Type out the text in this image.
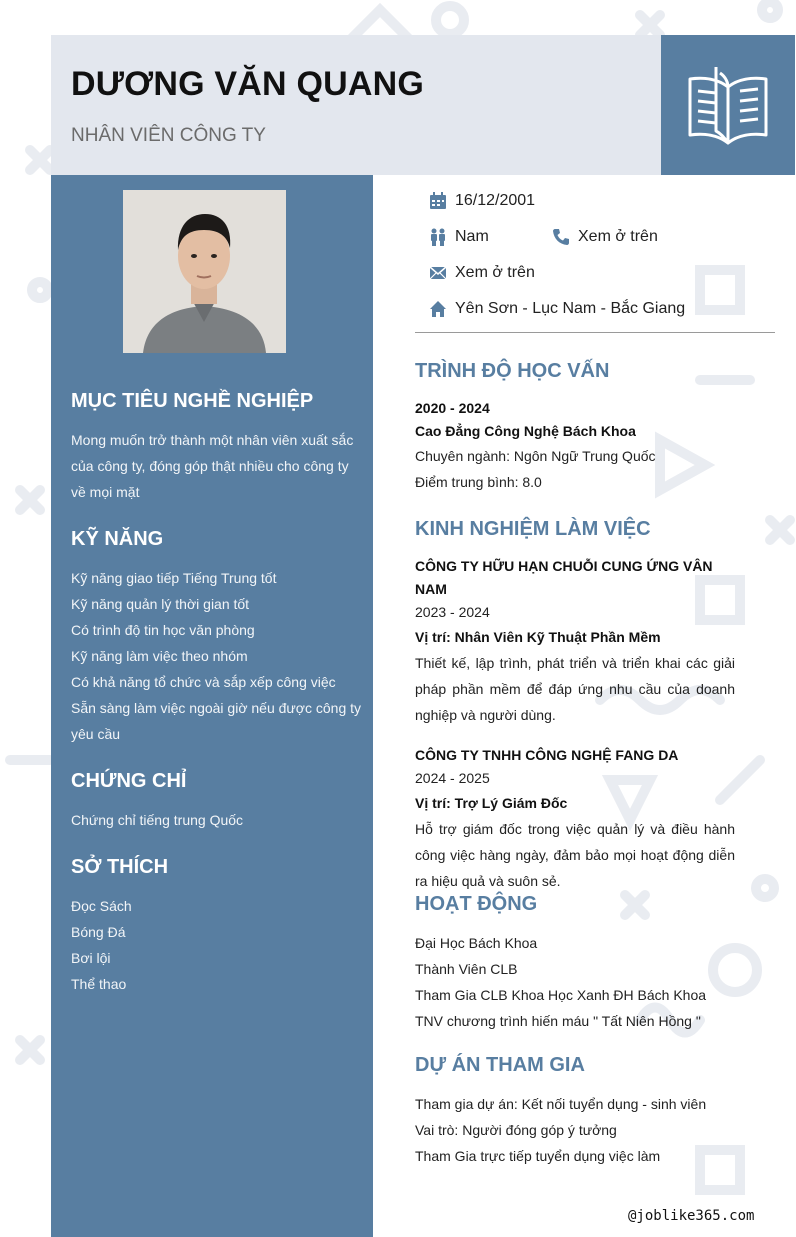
DƯƠNG VĂN QUANG
NHÂN VIÊN CÔNG TY
MỤC TIÊU NGHỀ NGHIỆP
Mong muốn trở thành một nhân viên xuất sắc của công ty, đóng góp thật nhiều cho công ty về mọi mặt
KỸ NĂNG
Kỹ năng giao tiếp Tiếng Trung tốt
Kỹ năng quản lý thời gian tốt
Có trình độ tin học văn phòng
Kỹ năng làm việc theo nhóm
Có khả năng tổ chức và sắp xếp công việc
Sẵn sàng làm việc ngoài giờ nếu được công ty yêu cầu
CHỨNG CHỈ
Chứng chỉ tiếng trung Quốc
SỞ THÍCH
Đọc Sách
Bóng Đá
Bơi lội
Thể thao
16/12/2001
Nam	Xem ở trên
Xem ở trên
Yên Sơn - Lục Nam - Bắc Giang
TRÌNH ĐỘ HỌC VẤN
2020 - 2024
Cao Đẳng Công Nghệ Bách Khoa
Chuyên ngành: Ngôn Ngữ Trung Quốc
Điểm trung bình: 8.0
KINH NGHIỆM LÀM VIỆC
CÔNG TY HỮU HẠN CHUỖI CUNG ỨNG VÂN NAM
2023 - 2024
Vị trí: Nhân Viên Kỹ Thuật Phần Mềm
Thiết kế, lập trình, phát triển và triển khai các giải pháp phần mềm để đáp ứng nhu cầu của doanh nghiệp và người dùng.
CÔNG TY TNHH CÔNG NGHỆ FANG DA
2024 - 2025
Vị trí: Trợ Lý Giám Đốc
Hỗ trợ giám đốc trong việc quản lý và điều hành công việc hàng ngày, đảm bảo mọi hoạt động diễn ra hiệu quả và suôn sẻ.
HOẠT ĐỘNG
Đại Học Bách Khoa
Thành Viên CLB
Tham Gia CLB Khoa Học Xanh ĐH Bách Khoa
TNV chương trình hiến máu " Tất Niên Hồng "
DỰ ÁN THAM GIA
Tham gia dự án: Kết nối tuyển dụng - sinh viên
Vai trò: Người đóng góp ý tưởng
Tham Gia trực tiếp tuyển dụng việc làm
@joblike365.com
